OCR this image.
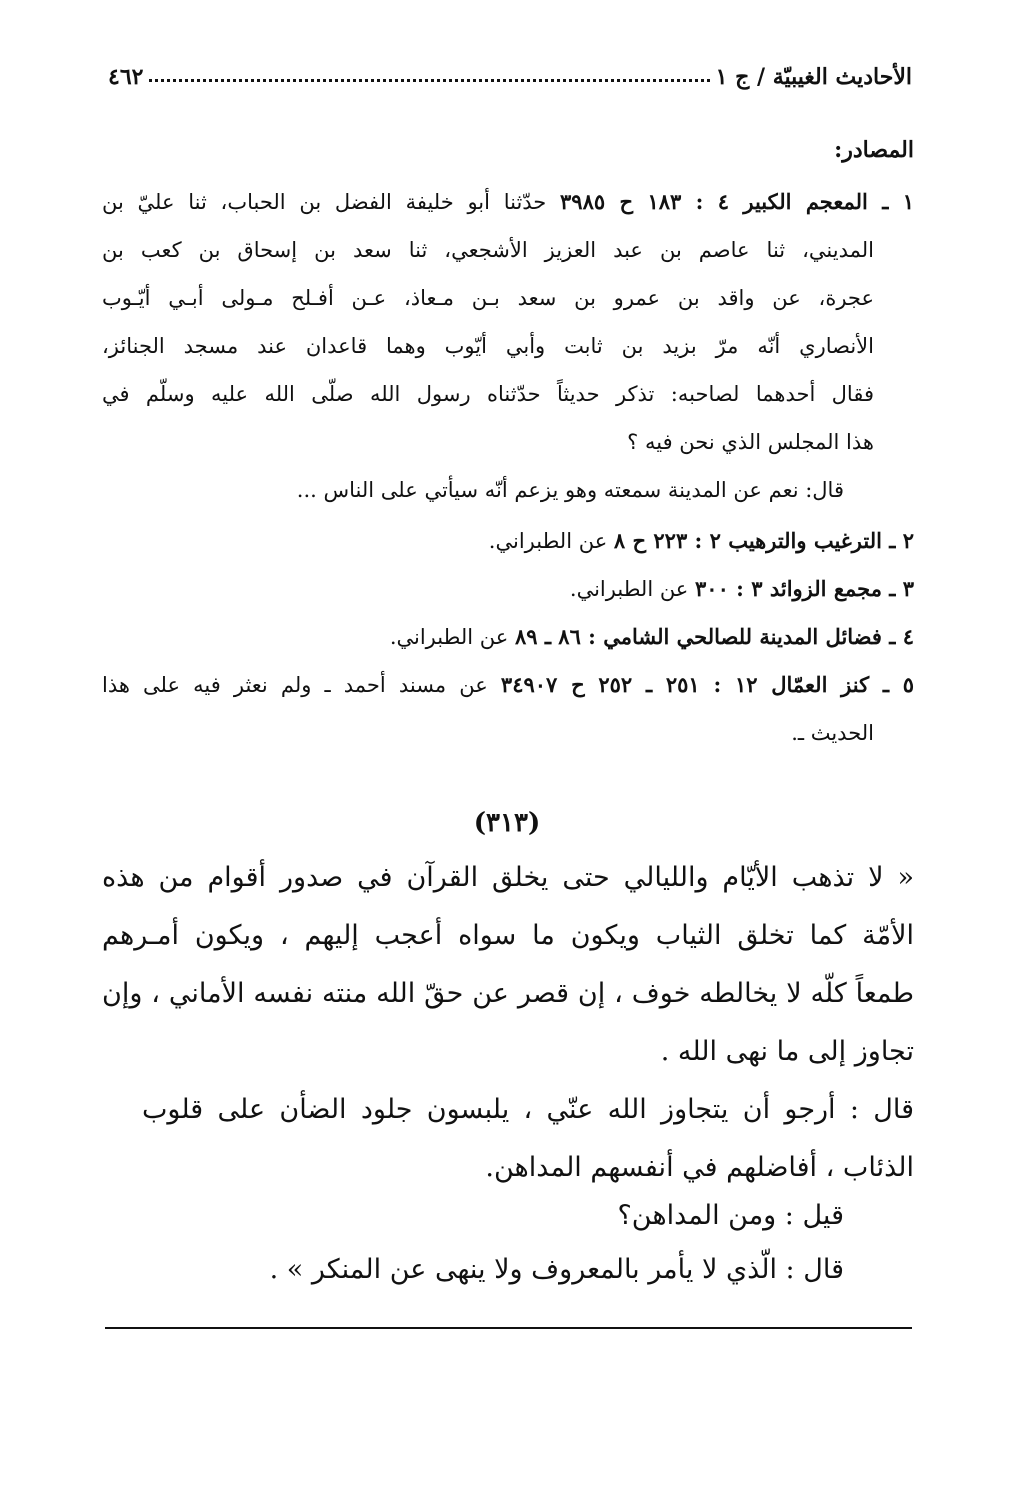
الأحاديث الغيبيّة / ج ١
٤٦٢
المصادر:
١ ـ المعجم الكبير ٤ : ١٨٣ ح ٣٩٨٥ حدّثنا أبو خليفة الفضل بن الحباب، ثنا عليّ بن
المديني، ثنا عاصم بن عبد العزيز الأشجعي، ثنا سعد بن إسحاق بن كعب بن
عجرة، عن واقد بن عمرو بن سعد بـن مـعاذ، عـن أفـلح مـولى أبـي أيّـوب
الأنصاري أنّه مرّ بزيد بن ثابت وأبي أيّوب وهما قاعدان عند مسجد الجنائز،
فقال أحدهما لصاحبه: تذكر حديثاً حدّثناه رسول الله صلّى الله عليه وسلّم في
هذا المجلس الذي نحن فيه ؟
قال: نعم عن المدينة سمعته وهو يزعم أنّه سيأتي على الناس ...
٢ ـ الترغيب والترهيب ٢ : ٢٢٣ ح ٨ عن الطبراني.
٣ ـ مجمع الزوائد ٣ : ٣٠٠ عن الطبراني.
٤ ـ فضائل المدينة للصالحي الشامي : ٨٦ ـ ٨٩ عن الطبراني.
٥ ـ كنز العمّال ١٢ : ٢٥١ ـ ٢٥٢ ح ٣٤٩٠٧ عن مسند أحمد ـ ولم نعثر فيه على هذا
الحديث ـ.
(٣١٣)
« لا تذهب الأيّام والليالي حتى يخلق القرآن في صدور أقوام من هذه
الأمّة كما تخلق الثياب ويكون ما سواه أعجب إليهم ، ويكون أمـرهم
طمعاً كلّه لا يخالطه خوف ، إن قصر عن حقّ الله منته نفسه الأماني ، وإن
تجاوز إلى ما نهى الله .
قال : أرجو أن يتجاوز الله عنّي ، يلبسون جلود الضأن على قلوب
الذئاب ، أفاضلهم في أنفسهم المداهن.
قيل : ومن المداهن؟
قال : الّذي لا يأمر بالمعروف ولا ينهى عن المنكر » .
